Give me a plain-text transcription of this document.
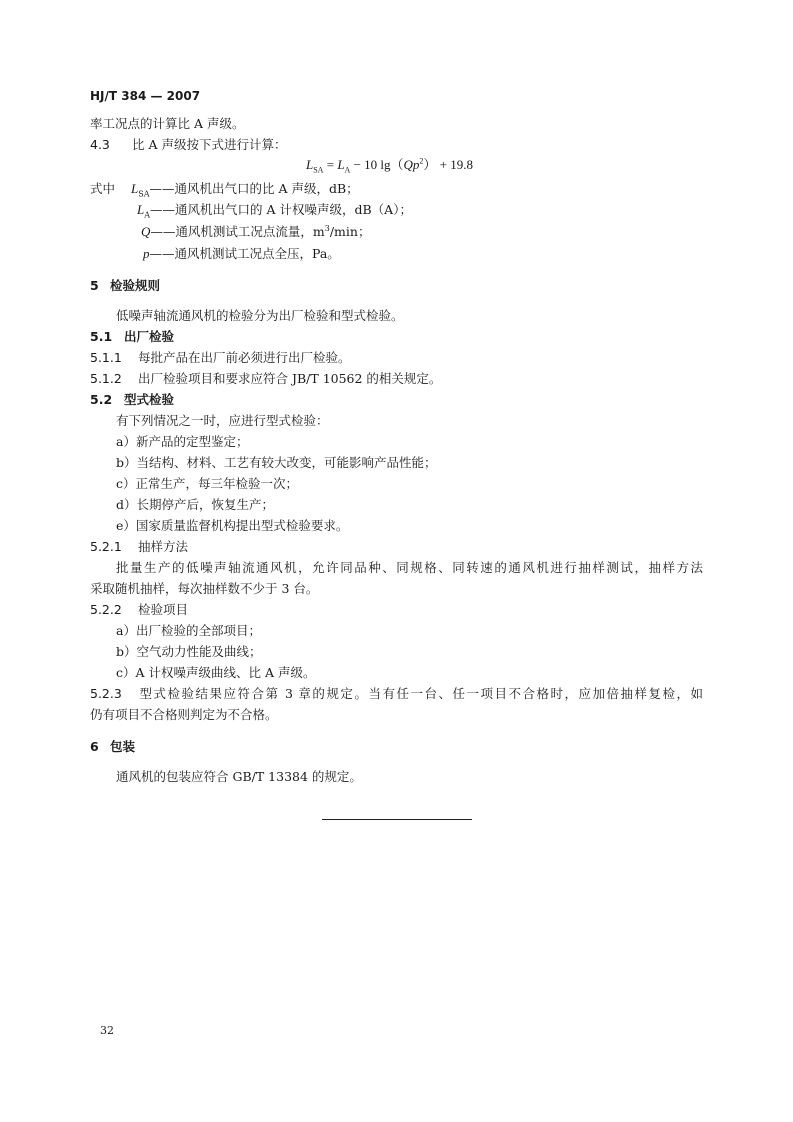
HJ/T 384 — 2007
率工况点的计算比 A 声级。
4.3 比 A 声级按下式进行计算：
$L_{SA} = L_A - 10$ $\lg(Qp^2) + 19.8$
式中 $L_{SA}——$通风机出气口的比 A 声级，dB；
$L_A——$通风机出气口的 A 计权噪声级，dB（A）；
Q——通风机测试工况点流量，$m^3/\min$；
p——通风机测试工况点全压，Pa。
5 检验规则
低噪声轴流通风机的检验分为出厂检验和型式检验。
5.1 出厂检验
5.1.1 每批产品在出厂前必须进行出厂检验。
5.1.2 出厂检验项目和要求应符合 JB/T 10562 的相关规定。
5.2 型式检验
有下列情况之一时，应进行型式检验：
a）新产品的定型鉴定；
b）当结构、材料、工艺有较大改变，可能影响产品性能；
c）正常生产，每三年检验一次；
d）长期停产后，恢复生产；
e）国家质量监督机构提出型式检验要求。
5.2.1 抽样方法
批量生产的低噪声轴流通风机，允许同品种、同规格、同转速的通风机进行抽样测试，抽样方法
采取随机抽样，每次抽样数不少于 3 台。
5.2.2 检验项目
a）出厂检验的全部项目；
b）空气动力性能及曲线；
c）A 计权噪声级曲线、比 A 声级。
5.2.3 型式检验结果应符合第 3 章的规定。当有任一台、任一项目不合格时，应加倍抽样复检，如
仍有项目不合格则判定为不合格。
6 包装
通风机的包装应符合 GB/T 13384 的规定。
32
